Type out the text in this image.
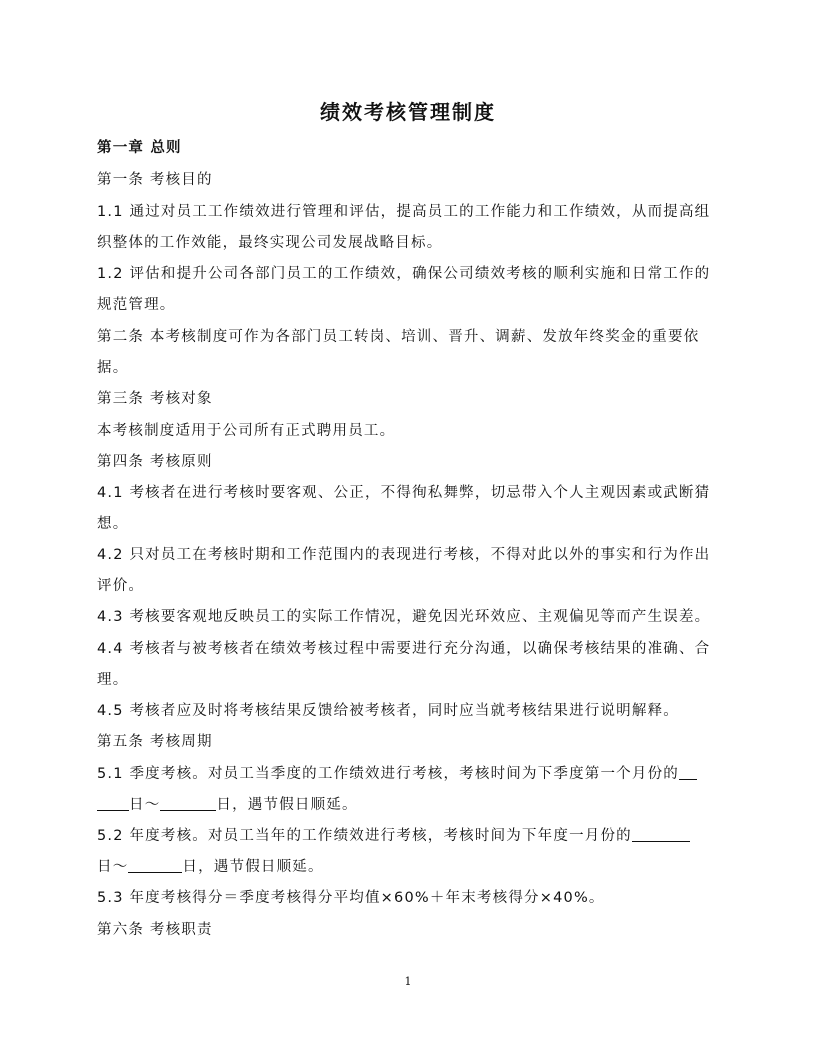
绩效考核管理制度
第一章 总则
第一条 考核目的
1.1 通过对员工工作绩效进行管理和评估，提高员工的工作能力和工作绩效，从而提高组
织整体的工作效能，最终实现公司发展战略目标。
1.2 评估和提升公司各部门员工的工作绩效，确保公司绩效考核的顺利实施和日常工作的
规范管理。
第二条 本考核制度可作为各部门员工转岗、培训、晋升、调薪、发放年终奖金的重要依
据。
第三条 考核对象
本考核制度适用于公司所有正式聘用员工。
第四条 考核原则
4.1 考核者在进行考核时要客观、公正，不得徇私舞弊，切忌带入个人主观因素或武断猜
想。
4.2 只对员工在考核时期和工作范围内的表现进行考核，不得对此以外的事实和行为作出
评价。
4.3 考核要客观地反映员工的实际工作情况，避免因光环效应、主观偏见等而产生误差。
4.4 考核者与被考核者在绩效考核过程中需要进行充分沟通，以确保考核结果的准确、合
理。
4.5 考核者应及时将考核结果反馈给被考核者，同时应当就考核结果进行说明解释。
第五条 考核周期
5.1 季度考核。对员工当季度的工作绩效进行考核，考核时间为下季度第一个月份的
日～	日，遇节假日顺延。
5.2 年度考核。对员工当年的工作绩效进行考核，考核时间为下年度一月份的
日～	日，遇节假日顺延。
5.3 年度考核得分＝季度考核得分平均值×60%＋年末考核得分×40%。
第六条 考核职责
1
